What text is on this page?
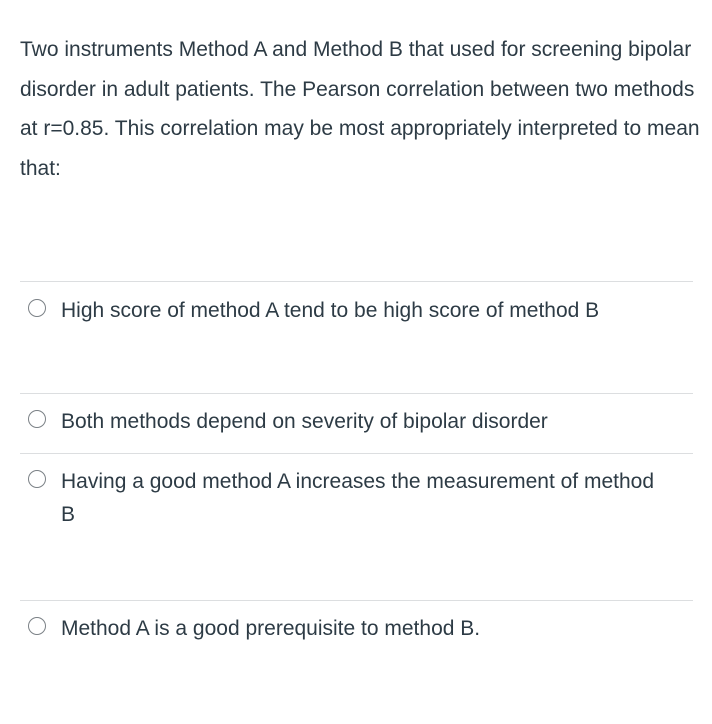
Two instruments Method A and Method B that used for screening bipolar disorder in adult patients. The Pearson correlation between two methods at r=0.85. This correlation may be most appropriately interpreted to mean that:

High score of method A tend to be high score of method B
Both methods depend on severity of bipolar disorder
Having a good method A increases the measurement of method B
Method A is a good prerequisite to method B.
